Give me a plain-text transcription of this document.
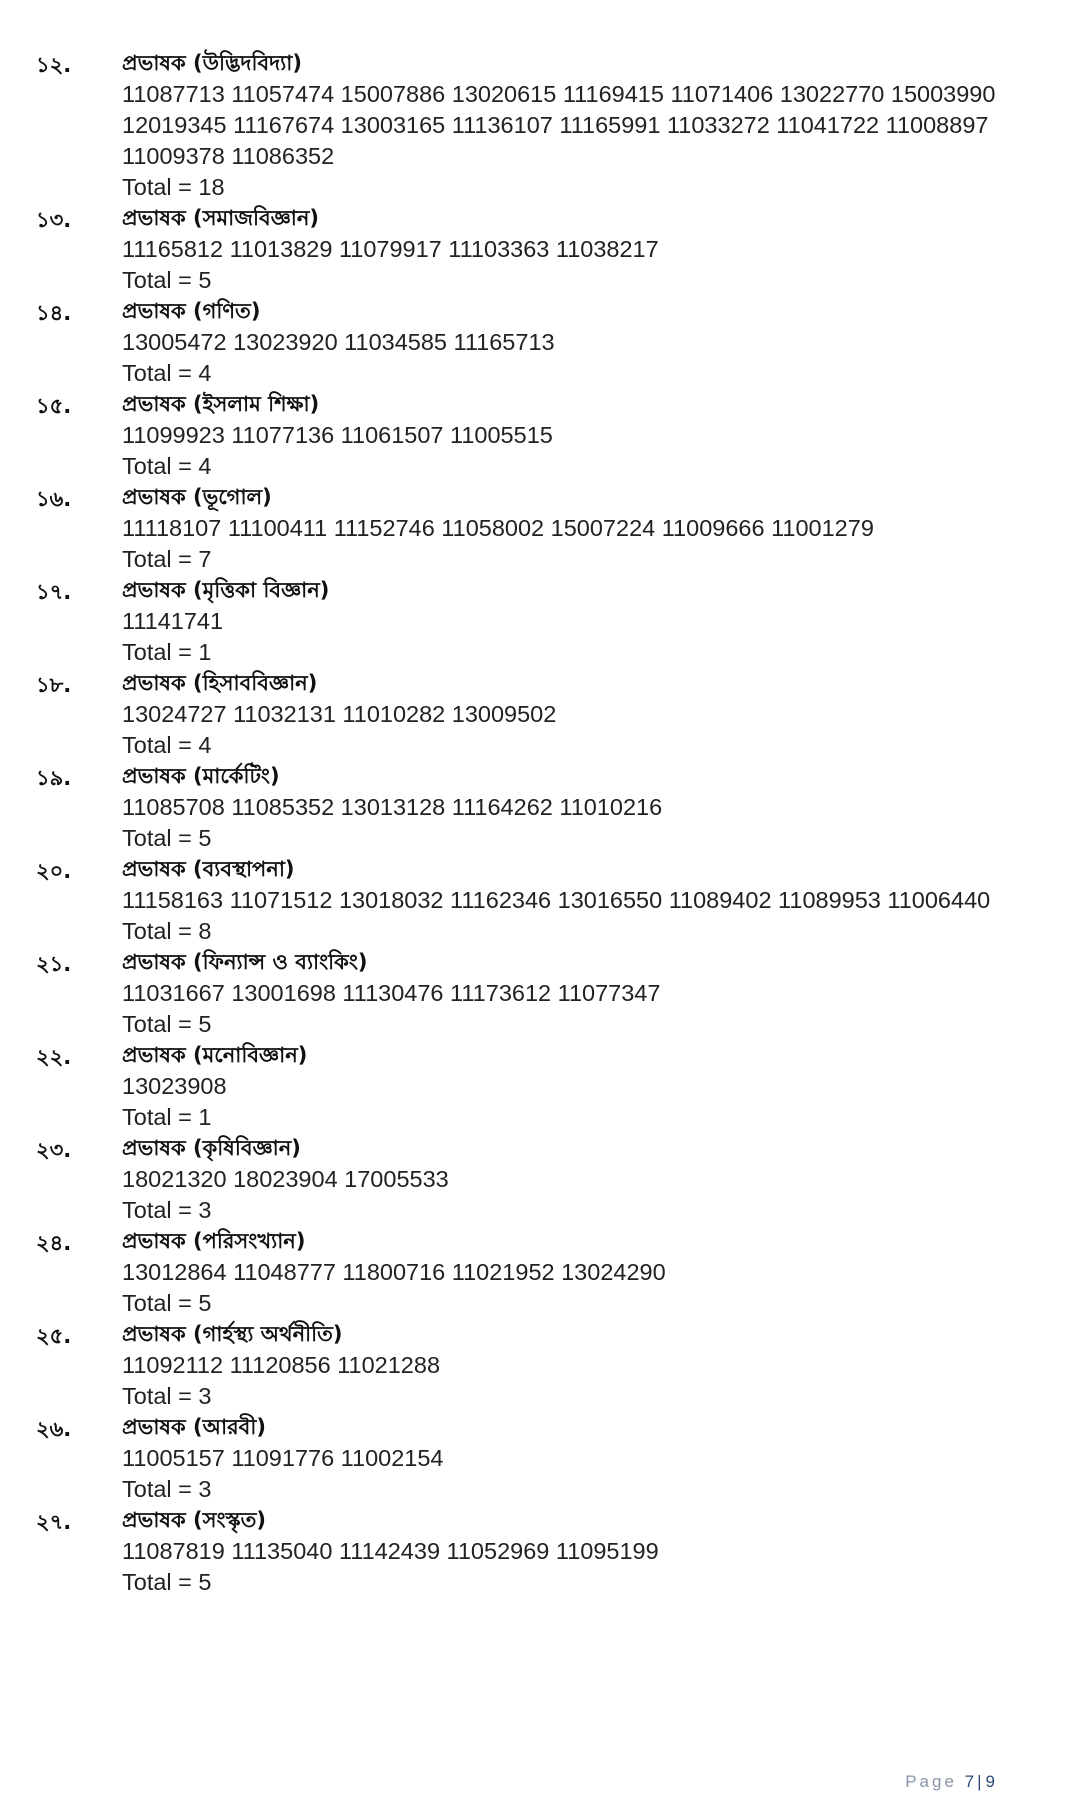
১২. প্রভাষক (উদ্ভিদবিদ্যা)
11087713 11057474 15007886 13020615 11169415 11071406 13022770 15003990 12019345 11167674 13003165 11136107 11165991 11033272 11041722 11008897 11009378 11086352
Total = 18
১৩. প্রভাষক (সমাজবিজ্ঞান)
11165812 11013829 11079917 11103363 11038217
Total = 5
১৪. প্রভাষক (গণিত)
13005472 13023920 11034585 11165713
Total = 4
১৫. প্রভাষক (ইসলাম শিক্ষা)
11099923 11077136 11061507 11005515
Total = 4
১৬. প্রভাষক (ভূগোল)
11118107 11100411 11152746 11058002 15007224 11009666 11001279
Total = 7
১৭. প্রভাষক (মৃত্তিকা বিজ্ঞান)
11141741
Total = 1
১৮. প্রভাষক (হিসাববিজ্ঞান)
13024727 11032131 11010282 13009502
Total = 4
১৯. প্রভাষক (মার্কেটিং)
11085708 11085352 13013128 11164262 11010216
Total = 5
২০. প্রভাষক (ব্যবস্থাপনা)
11158163 11071512 13018032 11162346 13016550 11089402 11089953 11006440
Total = 8
২১. প্রভাষক (ফিন্যান্স ও ব্যাংকিং)
11031667 13001698 11130476 11173612 11077347
Total = 5
২২. প্রভাষক (মনোবিজ্ঞান)
13023908
Total = 1
২৩. প্রভাষক (কৃষিবিজ্ঞান)
18021320 18023904 17005533
Total = 3
২৪. প্রভাষক (পরিসংখ্যান)
13012864 11048777 11800716 11021952 13024290
Total = 5
২৫. প্রভাষক (গার্হস্থ্য অর্থনীতি)
11092112 11120856 11021288
Total = 3
২৬. প্রভাষক (আরবী)
11005157 11091776 11002154
Total = 3
২৭. প্রভাষক (সংস্কৃত)
11087819 11135040 11142439 11052969 11095199
Total = 5
Page 7|9
